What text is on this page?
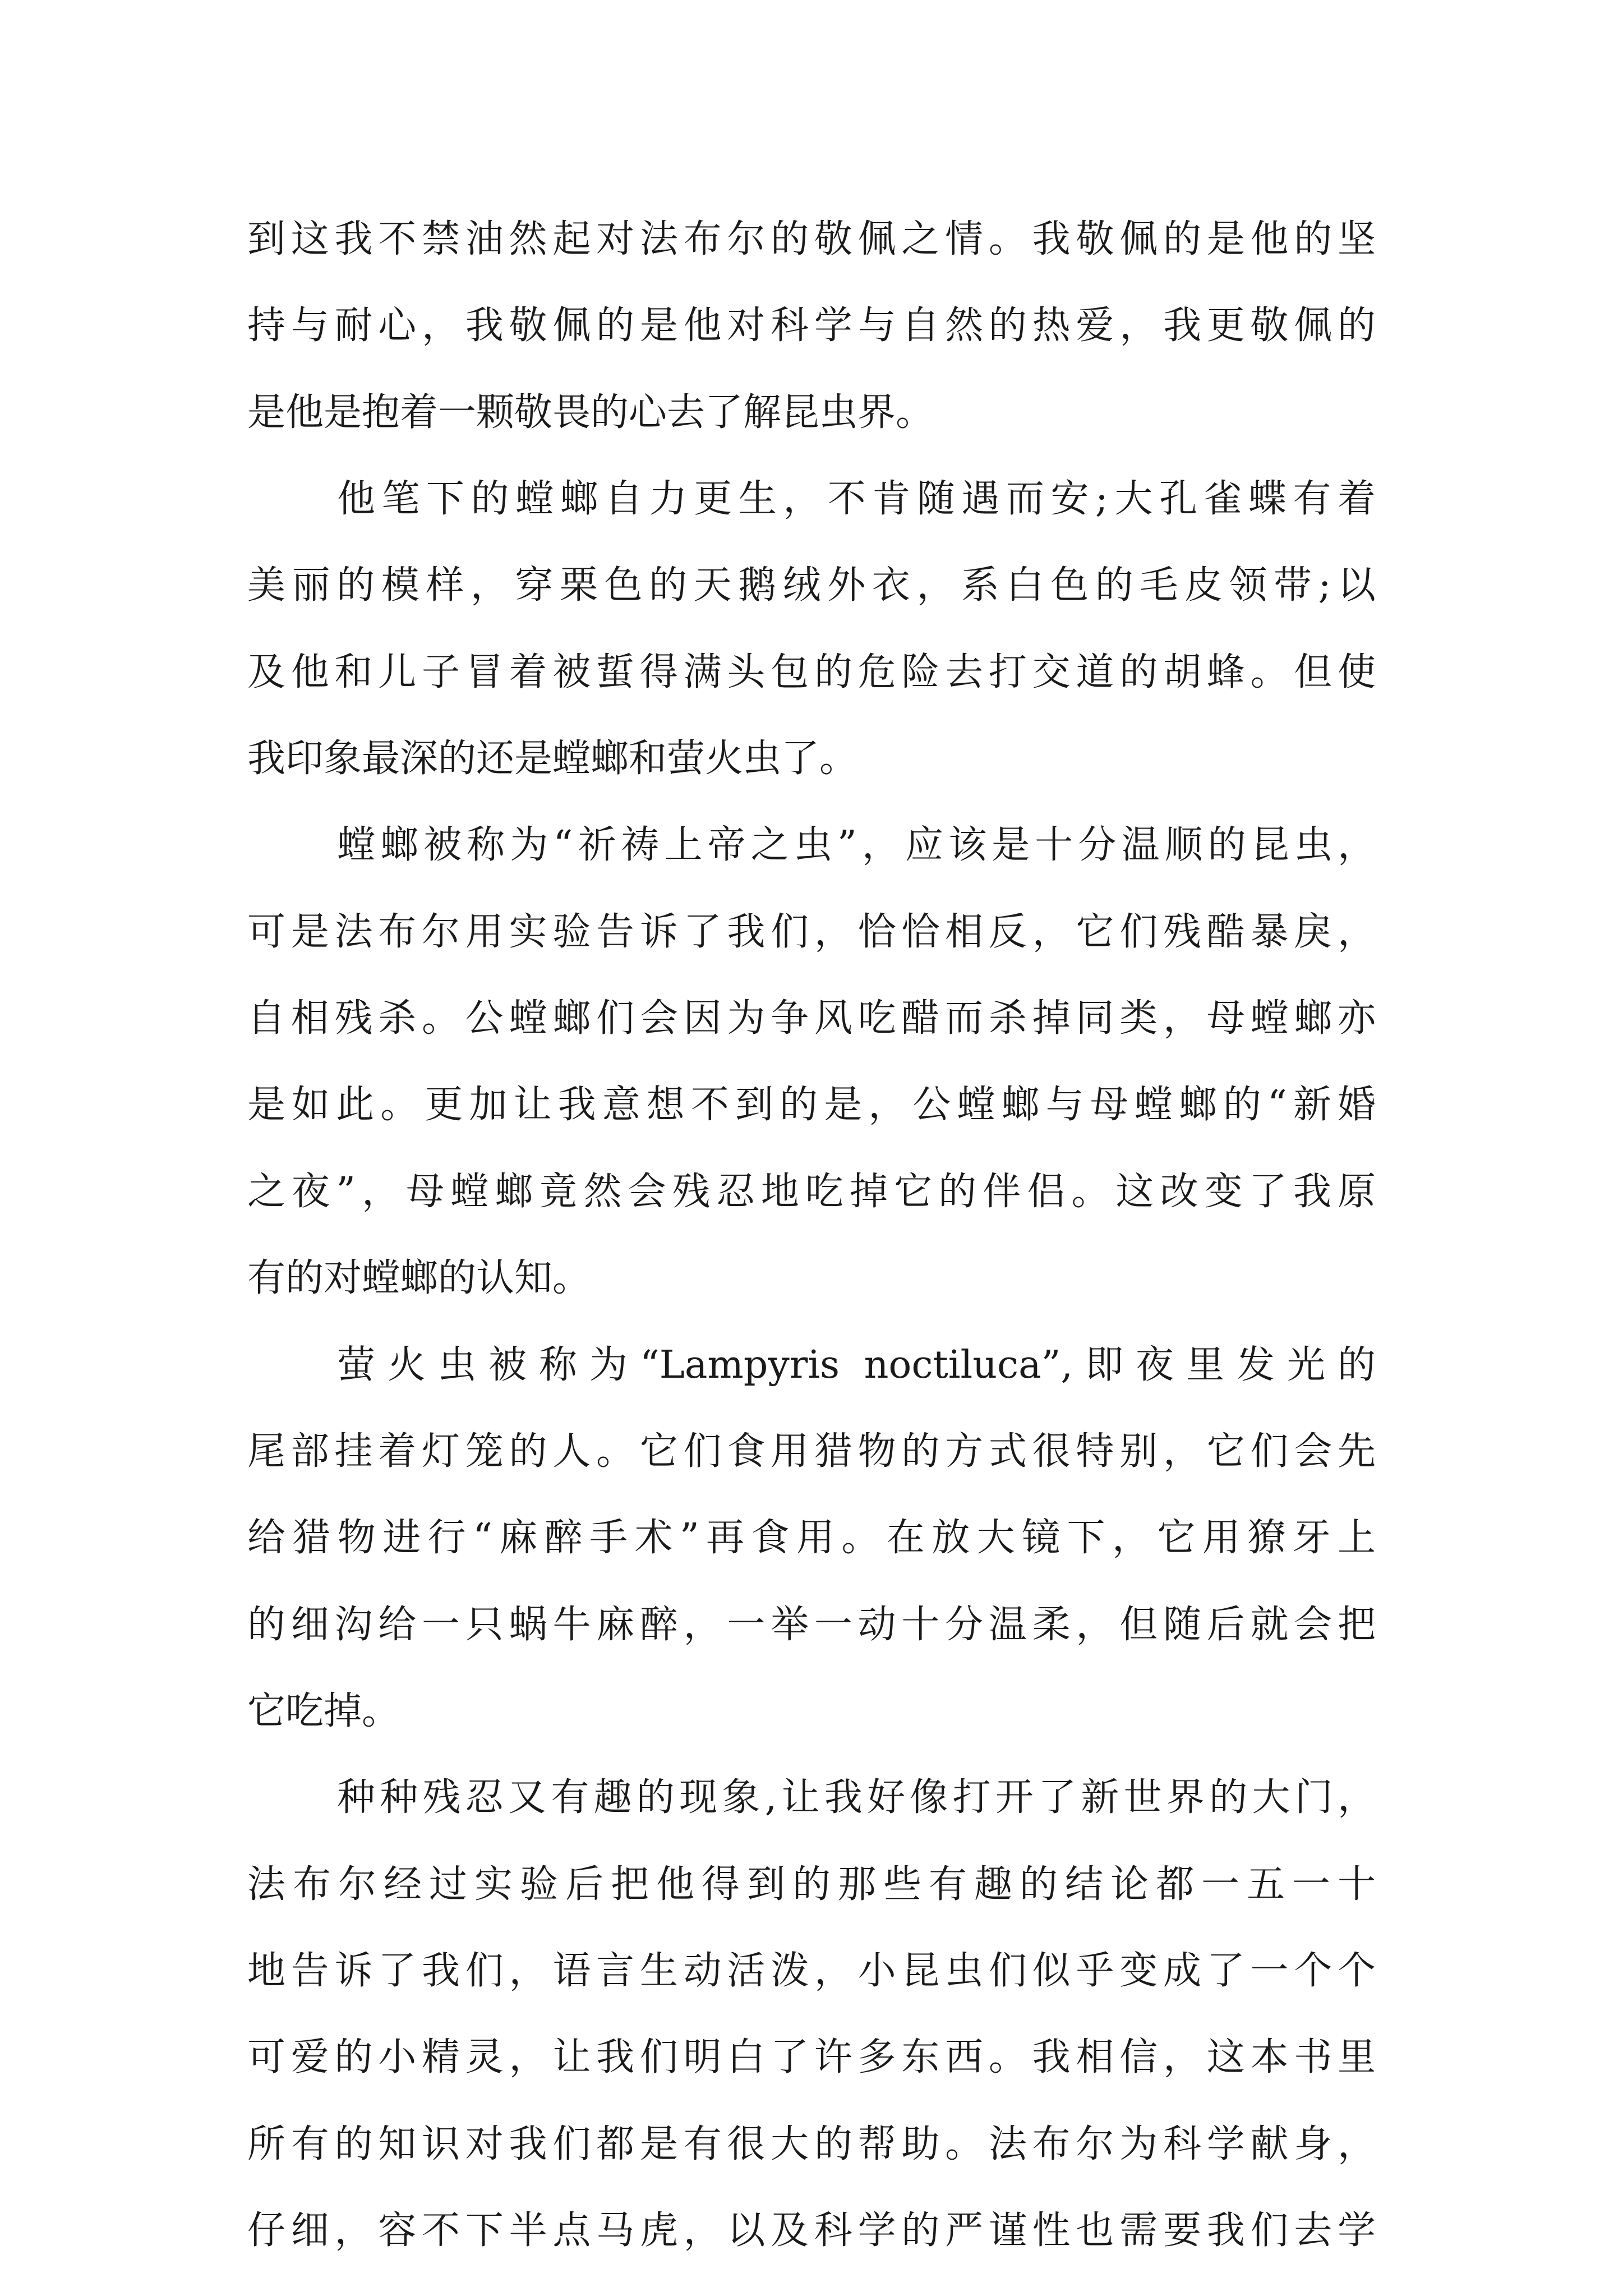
到这我不禁油然起对法布尔的敬佩之情。我敬佩的是他的坚
持与耐心，我敬佩的是他对科学与自然的热爱，我更敬佩的
是他是抱着一颗敬畏的心去了解昆虫界。
他笔下的螳螂自力更生，不肯随遇而安;大孔雀蝶有着
美丽的模样，穿栗色的天鹅绒外衣，系白色的毛皮领带;以
及他和儿子冒着被蜇得满头包的危险去打交道的胡蜂。但使
我印象最深的还是螳螂和萤火虫了。
螳螂被称为“祈祷上帝之虫”，应该是十分温顺的昆虫，
可是法布尔用实验告诉了我们，恰恰相反，它们残酷暴戾，
自相残杀。公螳螂们会因为争风吃醋而杀掉同类，母螳螂亦
是如此。更加让我意想不到的是，公螳螂与母螳螂的“新婚
之夜”，母螳螂竟然会残忍地吃掉它的伴侣。这改变了我原
有的对螳螂的认知。
萤火虫被称为“Lampyris noctiluca”,即夜里发光的
尾部挂着灯笼的人。它们食用猎物的方式很特别，它们会先
给猎物进行“麻醉手术”再食用。在放大镜下，它用獠牙上
的细沟给一只蜗牛麻醉，一举一动十分温柔，但随后就会把
它吃掉。
种种残忍又有趣的现象,让我好像打开了新世界的大门，
法布尔经过实验后把他得到的那些有趣的结论都一五一十
地告诉了我们，语言生动活泼，小昆虫们似乎变成了一个个
可爱的小精灵，让我们明白了许多东西。我相信，这本书里
所有的知识对我们都是有很大的帮助。法布尔为科学献身，
仔细，容不下半点马虎，以及科学的严谨性也需要我们去学
